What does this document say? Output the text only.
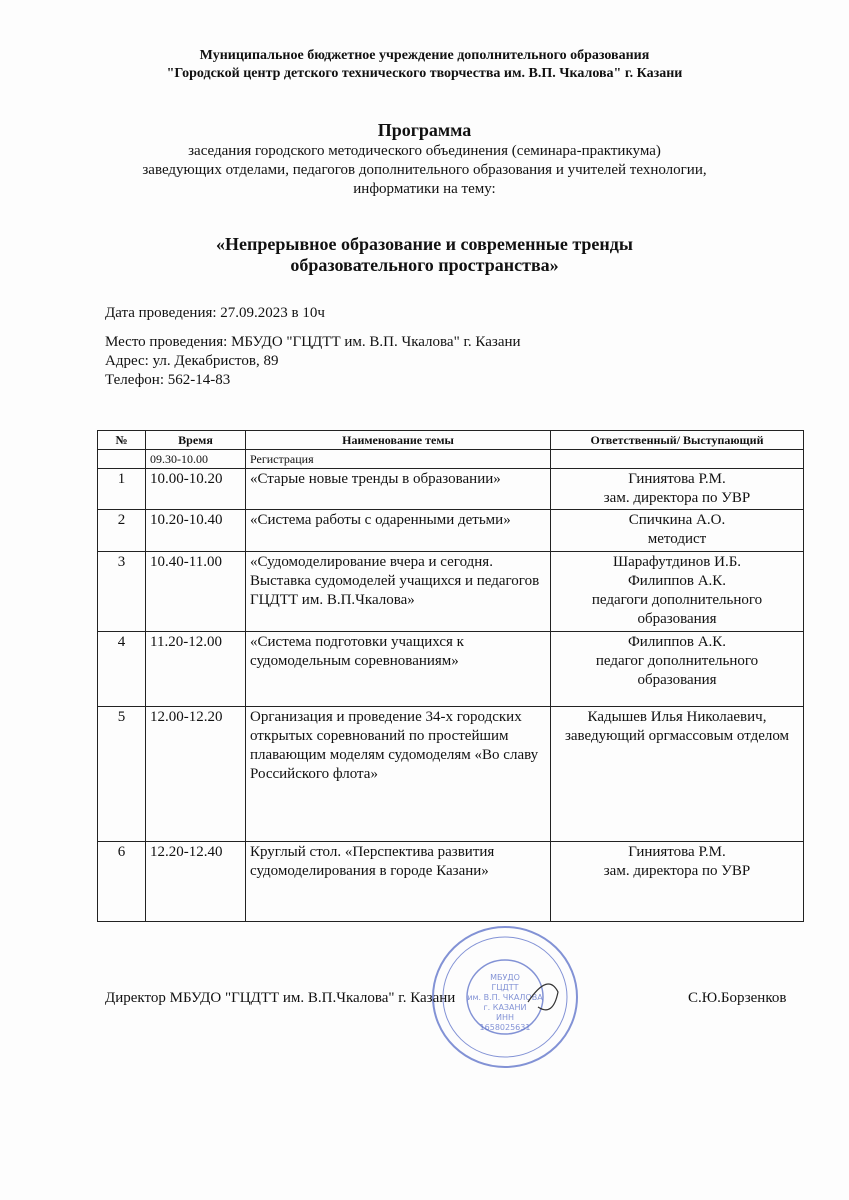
Муниципальное бюджетное учреждение дополнительного образования
"Городской центр детского технического творчества им. В.П. Чкалова" г. Казани
Программа
заседания городского методического объединения (семинара-практикума)
заведующих отделами, педагогов дополнительного образования и учителей технологии,
информатики на тему:
«Непрерывное образование и современные тренды
образовательного пространства»
Дата проведения: 27.09.2023 в 10ч
Место проведения: МБУДО "ГЦДТТ им. В.П. Чкалова" г. Казани
Адрес: ул. Декабристов, 89
Телефон: 562-14-83
№	Время	Наименование темы	Ответственный/ Выступающий
	09.30-10.00	Регистрация	
1	10.00-10.20	«Старые новые тренды в образовании»	Гиниятова Р.М.
зам. директора по УВР
2	10.20-10.40	«Система работы с одаренными детьми»	Спичкина А.О.
методист
3	10.40-11.00	«Судомоделирование вчера и сегодня. Выставка судомоделей учащихся и педагогов ГЦДТТ им. В.П.Чкалова»	Шарафутдинов И.Б.
Филиппов А.К.
педагоги дополнительного образования
4	11.20-12.00	«Система подготовки учащихся к судомодельным соревнованиям»	Филиппов А.К.
педагог дополнительного образования
5	12.00-12.20	Организация и проведение 34-х городских открытых соревнований по простейшим плавающим моделям судомоделям «Во славу Российского флота»	Кадышев Илья Николаевич, заведующий оргмассовым отделом
6	12.20-12.40	Круглый стол. «Перспектива развития судомоделирования в городе Казани»	Гиниятова Р.М.
зам. директора по УВР
МБУДО
ГЦДТТ
им. В.П. ЧКАЛОВА
г. КАЗАНИ
ИНН
1658025631
Директор МБУДО "ГЦДТТ им. В.П.Чкалова" г. Казани	С.Ю.Борзенков
